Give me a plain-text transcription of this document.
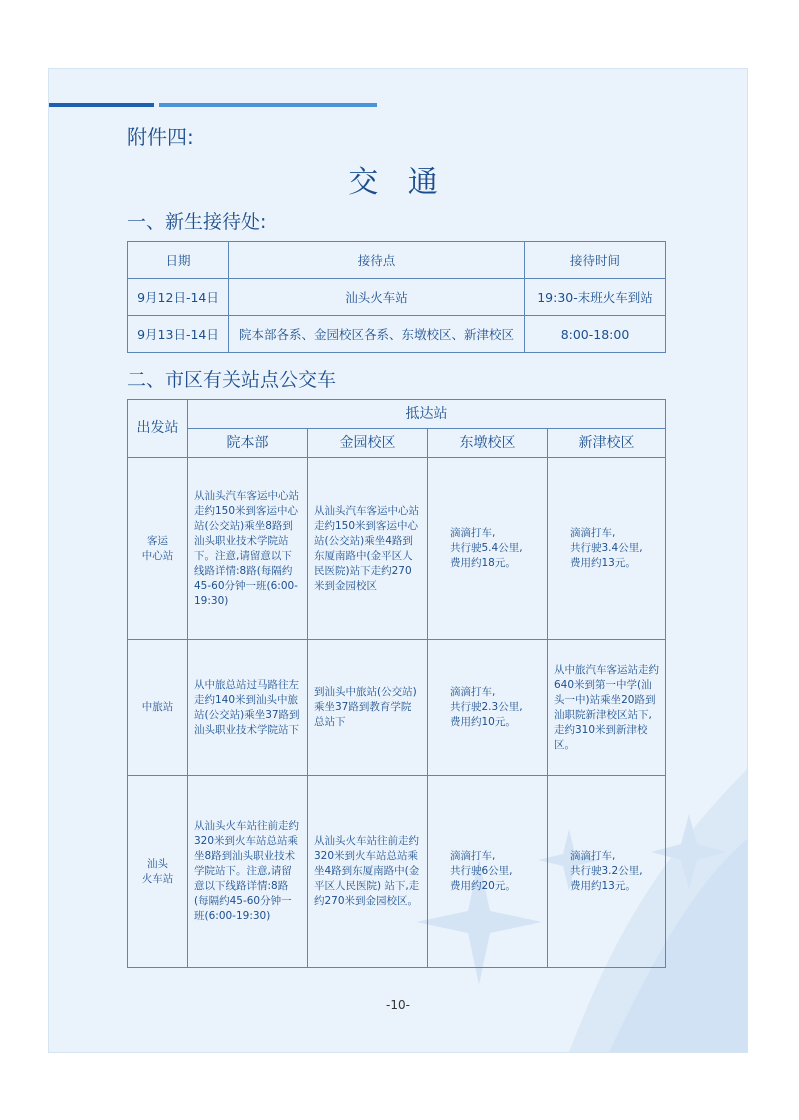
附件四:
交 通
一、新生接待处:
日期	接待点	接待时间
9月12日-14日	汕头火车站	19:30-末班火车到站
9月13日-14日	院本部各系、金园校区各系、东墩校区、新津校区	8:00-18:00
二、市区有关站点公交车
出发站	抵达站			
	院本部	金园校区	东墩校区	新津校区
客运
中心站	从汕头汽车客运中心站走约150米到客运中心站(公交站)乘坐8路到汕头职业技术学院站下。注意,请留意以下线路详情:8路(每隔约45-60分钟一班(6:00-19:30)	从汕头汽车客运中心站走约150米到客运中心站(公交站)乘坐4路到东厦南路中(金平区人民医院)站下走约270米到金园校区	滴滴打车,
共行驶5.4公里,
费用约18元。	滴滴打车,
共行驶3.4公里,
费用约13元。
中旅站	从中旅总站过马路往左走约140米到汕头中旅站(公交站)乘坐37路到汕头职业技术学院站下	到汕头中旅站(公交站)乘坐37路到教育学院总站下	滴滴打车,
共行驶2.3公里,
费用约10元。	从中旅汽车客运站走约640米到第一中学(汕头一中)站乘坐20路到汕职院新津校区站下,走约310米到新津校区。
汕头
火车站	从汕头火车站往前走约320米到火车站总站乘坐8路到汕头职业技术学院站下。注意,请留意以下线路详情:8路(每隔约45-60分钟一班(6:00-19:30)	从汕头火车站往前走约320米到火车站总站乘坐4路到东厦南路中(金平区人民医院) 站下,走约270米到金园校区。	滴滴打车,
共行驶6公里,
费用约20元。	滴滴打车,
共行驶3.2公里,
费用约13元。
-10-
